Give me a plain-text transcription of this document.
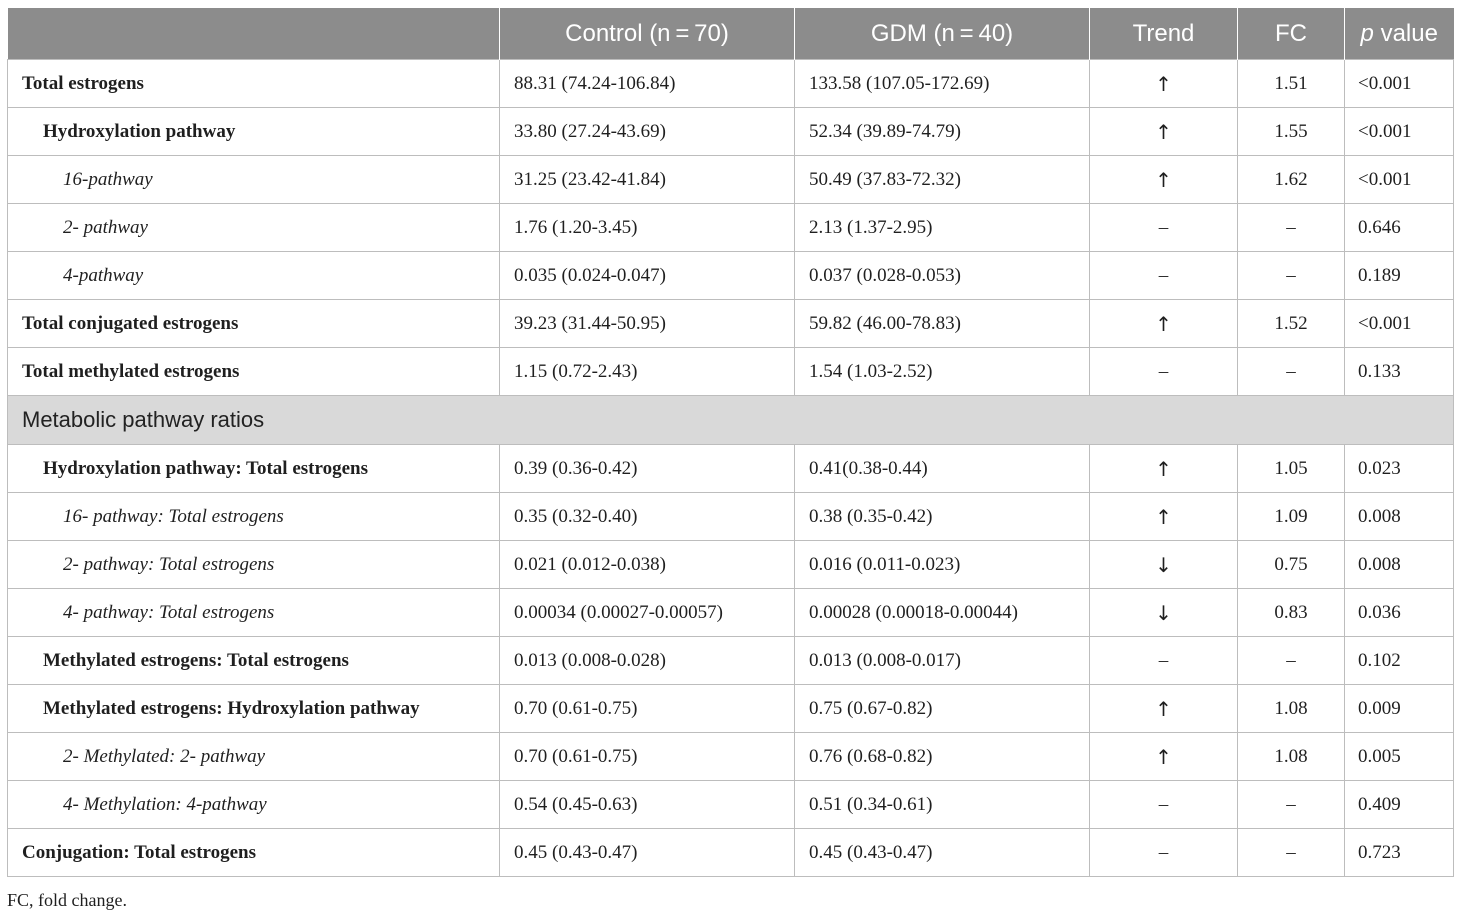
	Control (n = 70)	GDM (n = 40)	Trend	FC	p value
Total estrogens	88.31 (74.24-106.84)	133.58 (107.05-172.69)	↑	1.51	<0.001
Hydroxylation pathway	33.80 (27.24-43.69)	52.34 (39.89-74.79)	↑	1.55	<0.001
16-pathway	31.25 (23.42-41.84)	50.49 (37.83-72.32)	↑	1.62	<0.001
2- pathway	1.76 (1.20-3.45)	2.13 (1.37-2.95)	–	–	0.646
4-pathway	0.035 (0.024-0.047)	0.037 (0.028-0.053)	–	–	0.189
Total conjugated estrogens	39.23 (31.44-50.95)	59.82 (46.00-78.83)	↑	1.52	<0.001
Total methylated estrogens	1.15 (0.72-2.43)	1.54 (1.03-2.52)	–	–	0.133
Metabolic pathway ratios					
Hydroxylation pathway: Total estrogens	0.39 (0.36-0.42)	0.41(0.38-0.44)	↑	1.05	0.023
16- pathway: Total estrogens	0.35 (0.32-0.40)	0.38 (0.35-0.42)	↑	1.09	0.008
2- pathway: Total estrogens	0.021 (0.012-0.038)	0.016 (0.011-0.023)	↓	0.75	0.008
4- pathway: Total estrogens	0.00034 (0.00027-0.00057)	0.00028 (0.00018-0.00044)	↓	0.83	0.036
Methylated estrogens: Total estrogens	0.013 (0.008-0.028)	0.013 (0.008-0.017)	–	–	0.102
Methylated estrogens: Hydroxylation pathway	0.70 (0.61-0.75)	0.75 (0.67-0.82)	↑	1.08	0.009
2- Methylated: 2- pathway	0.70 (0.61-0.75)	0.76 (0.68-0.82)	↑	1.08	0.005
4- Methylation: 4-pathway	0.54 (0.45-0.63)	0.51 (0.34-0.61)	–	–	0.409
Conjugation: Total estrogens	0.45 (0.43-0.47)	0.45 (0.43-0.47)	–	–	0.723
FC, fold change.
